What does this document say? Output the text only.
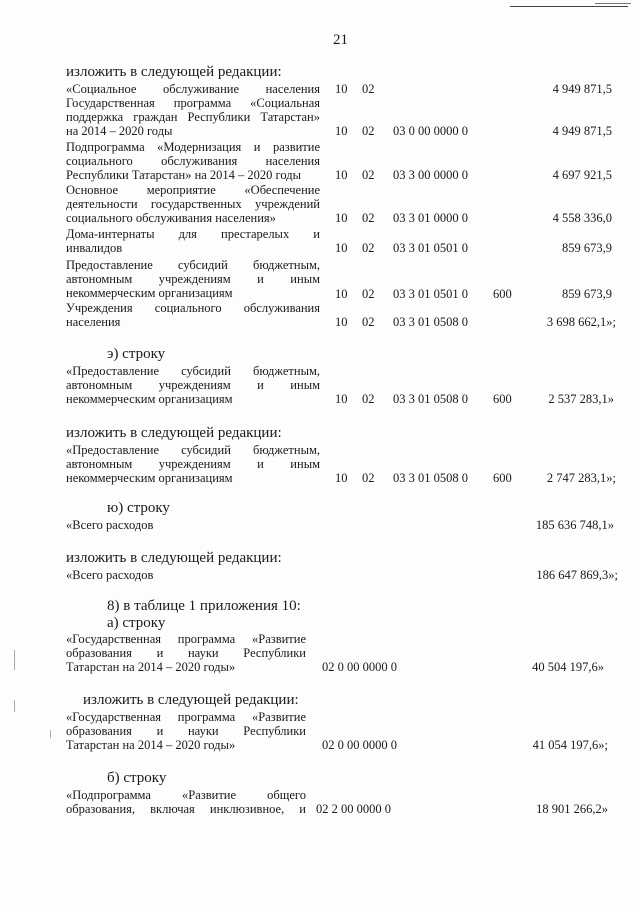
21
изложить в следующей редакции:
«Социальное обслуживание населения 10 02	4 949 871,5
Государственная программа «Социальная
поддержка граждан Республики Татарстан»
на 2014 – 2020 годы	10 02 03 0 00 0000 0	4 949 871,5
Подпрограмма «Модернизация и развитие
социального обслуживания населения
Республики Татарстан» на 2014 – 2020 годы	10 02 03 3 00 0000 0	4 697 921,5
Основное мероприятие «Обеспечение
деятельности государственных учреждений
социального обслуживания населения»	10 02 03 3 01 0000 0	4 558 336,0
Дома-интернаты для престарелых и
инвалидов	10 02 03 3 01 0501 0	859 673,9
Предоставление субсидий бюджетным,
автономным учреждениям и иным
некоммерческим организациям	10 02 03 3 01 0501 0 600	859 673,9
Учреждения социального обслуживания
населения	10 02 03 3 01 0508 0	3 698 662,1»;
э) строку
«Предоставление субсидий бюджетным,
автономным учреждениям и иным
некоммерческим организациям	10 02 03 3 01 0508 0 600	2 537 283,1»
изложить в следующей редакции:
«Предоставление субсидий бюджетным,
автономным учреждениям и иным
некоммерческим организациям	10 02 03 3 01 0508 0 600	2 747 283,1»;
ю) строку
«Всего расходов	185 636 748,1»
изложить в следующей редакции:
«Всего расходов	186 647 869,3»;
8) в таблице 1 приложения 10:
а) строку
«Государственная программа «Развитие
образования и науки Республики
Татарстан на 2014 – 2020 годы»	02 0 00 0000 0	40 504 197,6»
изложить в следующей редакции:
«Государственная программа «Развитие
образования и науки Республики
Татарстан на 2014 – 2020 годы»	02 0 00 0000 0	41 054 197,6»;
б) строку
«Подпрограмма «Развитие общего
образования, включая инклюзивное, и 02 2 00 0000 0	18 901 266,2»
